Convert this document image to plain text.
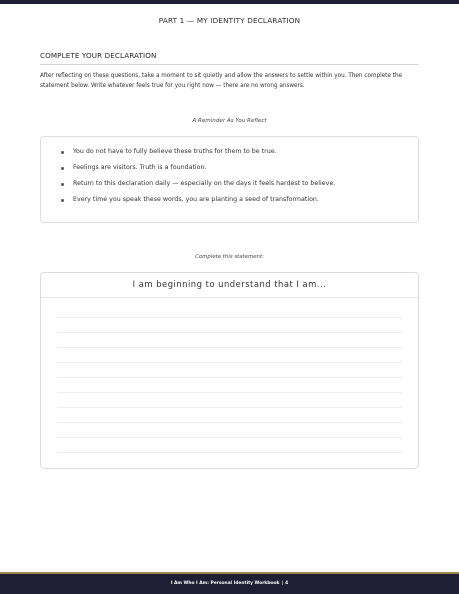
PART 1 — MY IDENTITY DECLARATION
COMPLETE YOUR DECLARATION
After reflecting on these questions, take a moment to sit quietly and allow the answers to settle within you. Then complete the statement below. Write whatever feels true for you right now — there are no wrong answers.
A Reminder As You Reflect
You do not have to fully believe these truths for them to be true.
Feelings are visitors. Truth is a foundation.
Return to this declaration daily — especially on the days it feels hardest to believe.
Every time you speak these words, you are planting a seed of transformation.
Complete this statement:
I am beginning to understand that I am...
I Am Who I Am: Personal Identity Workbook | 4
